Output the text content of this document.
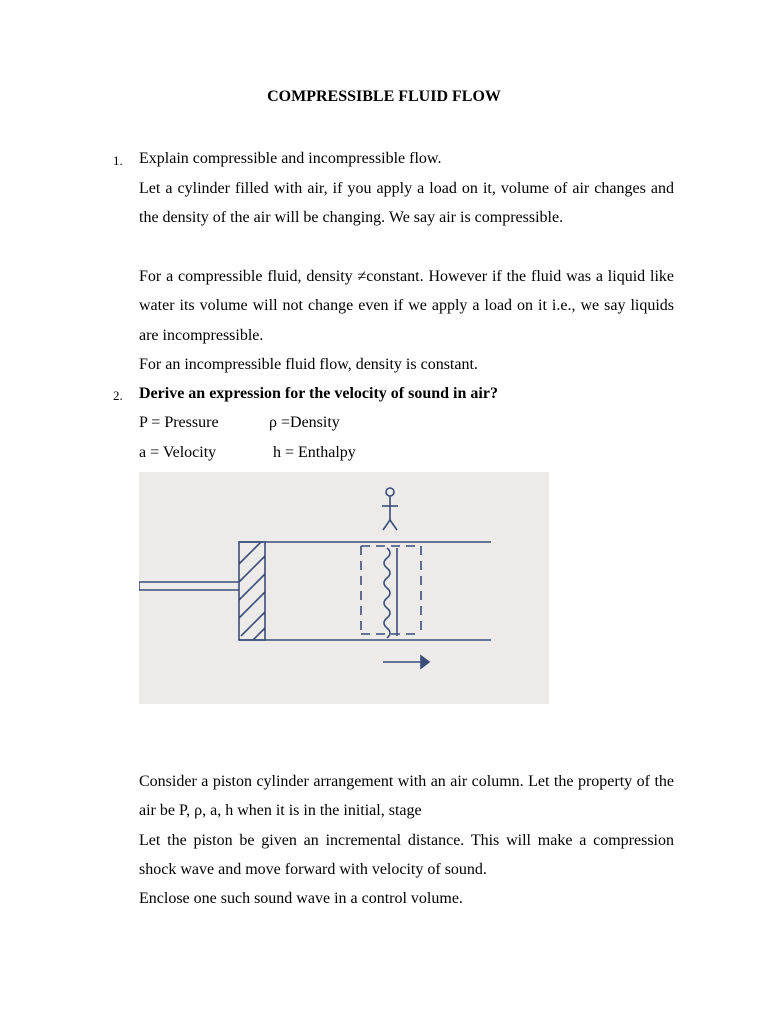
COMPRESSIBLE FLUID FLOW
1. Explain compressible and incompressible flow.
Let a cylinder filled with air, if you apply a load on it, volume of air changes and the density of the air will be changing. We say air is compressible.
For a compressible fluid, density ≠constant. However if the fluid was a liquid like water its volume will not change even if we apply a load on it i.e., we say liquids are incompressible.
For an incompressible fluid flow, density is constant.
2. Derive an expression for the velocity of sound in air?
P = Pressure	ρ =Density
a = Velocity	h = Enthalpy
P+dP
ρ+dρ
h+dh
a-da
P
ρ
h
Consider a piston cylinder arrangement with an air column. Let the property of the air be P, ρ, a, h when it is in the initial, stage
Let the piston be given an incremental distance. This will make a compression shock wave and move forward with velocity of sound.
Enclose one such sound wave in a control volume.
